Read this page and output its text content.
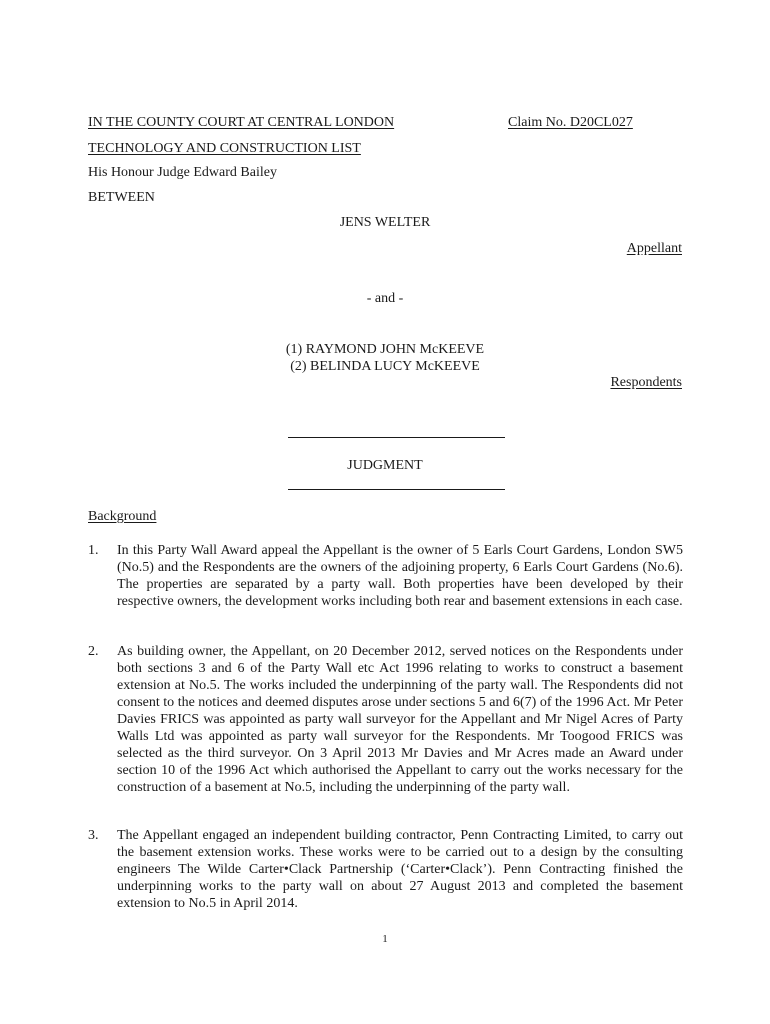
IN THE COUNTY COURT AT CENTRAL LONDON	Claim No. D20CL027
TECHNOLOGY AND CONSTRUCTION LIST
His Honour Judge Edward Bailey
BETWEEN
JENS WELTER
Appellant
- and -
(1) RAYMOND JOHN McKEEVE
(2) BELINDA LUCY McKEEVE
Respondents
JUDGMENT
Background
1.	In this Party Wall Award appeal the Appellant is the owner of 5 Earls Court Gardens, London SW5 (No.5) and the Respondents are the owners of the adjoining property, 6 Earls Court Gardens (No.6). The properties are separated by a party wall. Both properties have been developed by their respective owners, the development works including both rear and basement extensions in each case.
2.	As building owner, the Appellant, on 20 December 2012, served notices on the Respondents under both sections 3 and 6 of the Party Wall etc Act 1996 relating to works to construct a basement extension at No.5. The works included the underpinning of the party wall. The Respondents did not consent to the notices and deemed disputes arose under sections 5 and 6(7) of the 1996 Act. Mr Peter Davies FRICS was appointed as party wall surveyor for the Appellant and Mr Nigel Acres of Party Walls Ltd was appointed as party wall surveyor for the Respondents. Mr Toogood FRICS was selected as the third surveyor. On 3 April 2013 Mr Davies and Mr Acres made an Award under section 10 of the 1996 Act which authorised the Appellant to carry out the works necessary for the construction of a basement at No.5, including the underpinning of the party wall.
3.	The Appellant engaged an independent building contractor, Penn Contracting Limited, to carry out the basement extension works. These works were to be carried out to a design by the consulting engineers The Wilde Carter•Clack Partnership (‘Carter•Clack’). Penn Contracting finished the underpinning works to the party wall on about 27 August 2013 and completed the basement extension to No.5 in April 2014.
1
